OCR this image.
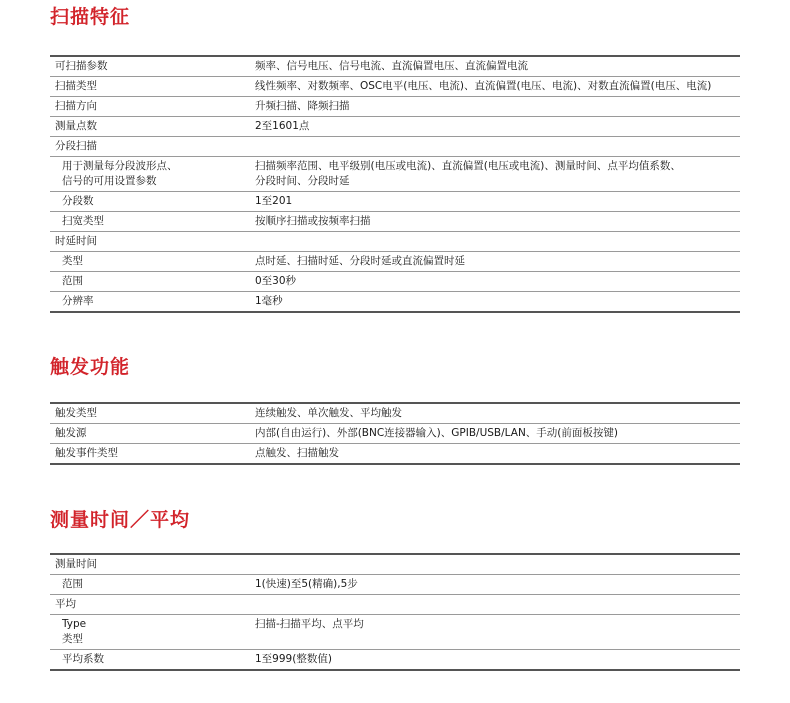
扫描特征
可扫描参数	频率、信号电压、信号电流、直流偏置电压、直流偏置电流
扫描类型	线性频率、对数频率、OSC电平(电压、电流)、直流偏置(电压、电流)、对数直流偏置(电压、电流)
扫描方向	升频扫描、降频扫描
测量点数	2至1601点
分段扫描	
用于测量每分段波形点、
信号的可用设置参数	扫描频率范围、电平级别(电压或电流)、直流偏置(电压或电流)、测量时间、点平均值系数、
分段时间、分段时延
分段数	1至201
扫宽类型	按顺序扫描或按频率扫描
时延时间	
类型	点时延、扫描时延、分段时延或直流偏置时延
范围	0至30秒
分辨率	1毫秒
触发功能
触发类型	连续触发、单次触发、平均触发
触发源	内部(自由运行)、外部(BNC连接器输入)、GPIB/USB/LAN、手动(前面板按键)
触发事件类型	点触发、扫描触发
测量时间／平均
测量时间	
范围	1(快速)至5(精确),5步
平均	
Type
类型	扫描-扫描平均、点平均
平均系数	1至999(整数值)
